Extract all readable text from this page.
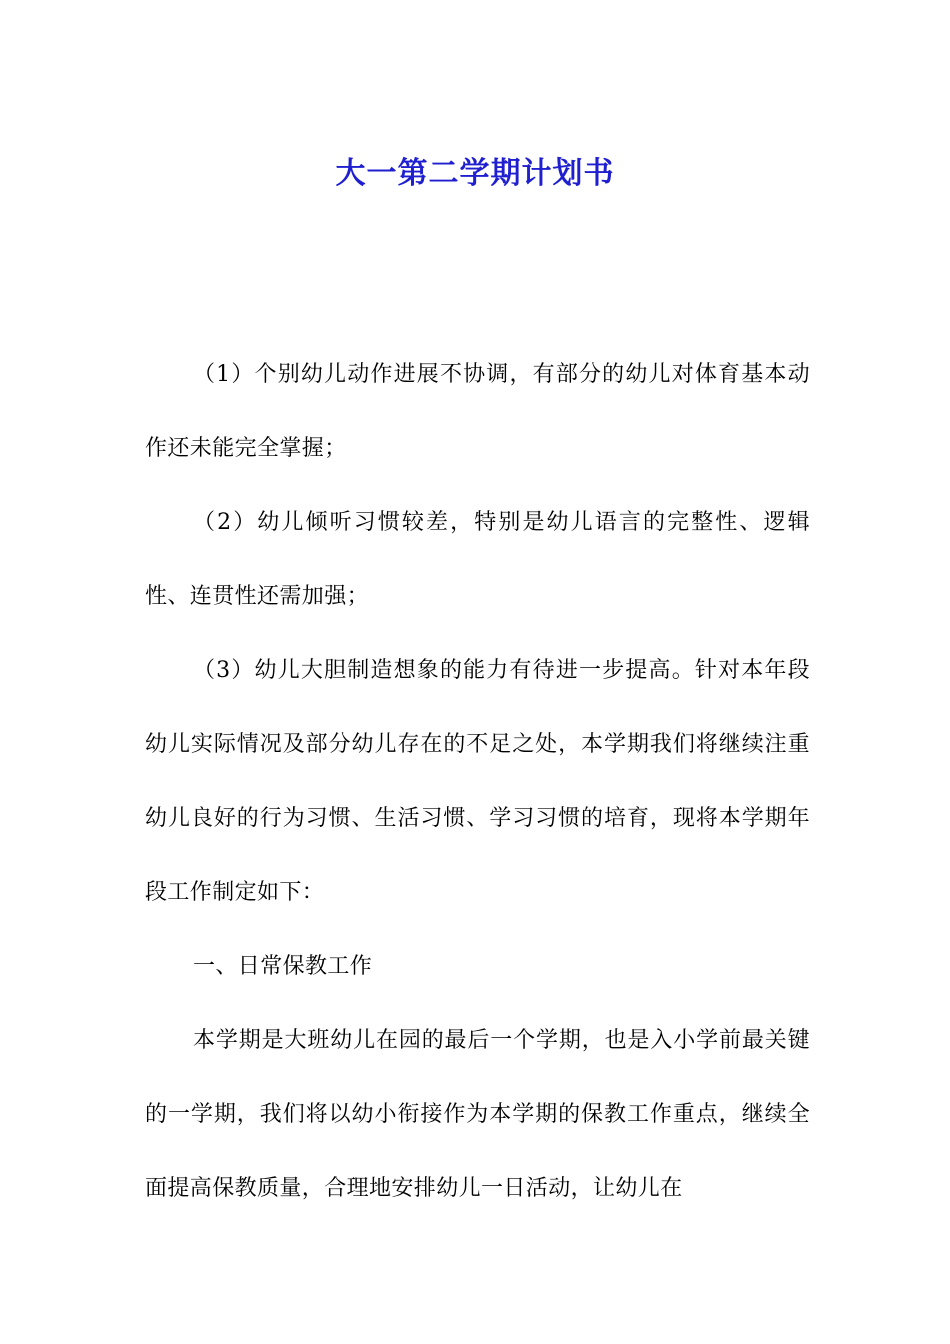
大一第二学期计划书

（1）个别幼儿动作进展不协调，有部分的幼儿对体育基本动作还未能完全掌握；

（2）幼儿倾听习惯较差，特别是幼儿语言的完整性、逻辑性、连贯性还需加强；

（3）幼儿大胆制造想象的能力有待进一步提高。针对本年段幼儿实际情况及部分幼儿存在的不足之处，本学期我们将继续注重幼儿良好的行为习惯、生活习惯、学习习惯的培育，现将本学期年段工作制定如下：

一、日常保教工作

本学期是大班幼儿在园的最后一个学期，也是入小学前最关键的一学期，我们将以幼小衔接作为本学期的保教工作重点，继续全面提高保教质量，合理地安排幼儿一日活动，让幼儿在
